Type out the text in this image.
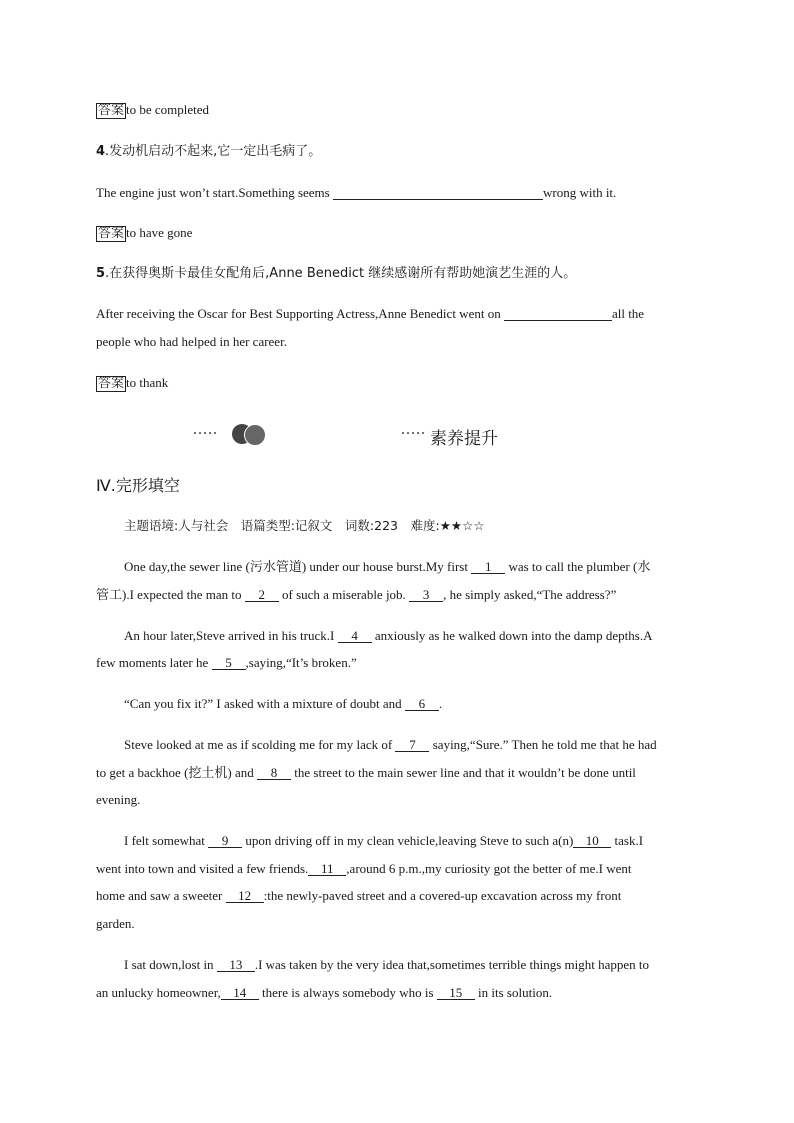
答案 to be completed
4.发动机启动不起来,它一定出毛病了。
The engine just won’t start.Something seems	wrong with it.
答案 to have gone
5.在获得奥斯卡最佳女配角后,Anne Benedict 继续感谢所有帮助她演艺生涯的人。
After receiving the Oscar for Best Supporting Actress,Anne Benedict went on	all the
people who had helped in her career.
答案 to thank
素养提升
Ⅳ.完形填空
主题语境:人与社会　语篇类型:记叙文　词数:223　难度:★★☆☆
One day,the sewer line (污水管道) under our house burst.My first 1 was to call the plumber (水
管工).I expected the man to 2 of such a miserable job. 3 , he simply asked,“The address?”
An hour later,Steve arrived in his truck.I 4 anxiously as he walked down into the damp depths.A
few moments later he 5 ,saying,“It’s broken.”
“Can you fix it?” I asked with a mixture of doubt and 6 .
Steve looked at me as if scolding me for my lack of 7 saying,“Sure.” Then he told me that he had
to get a backhoe (挖土机) and 8 the street to the main sewer line and that it wouldn’t be done until
evening.
I felt somewhat 9 upon driving off in my clean vehicle,leaving Steve to such a(n) 10 task.I
went into town and visited a few friends. 11 ,around 6 p.m.,my curiosity got the better of me.I went
home and saw a sweeter 12 :the newly-paved street and a covered-up excavation across my front
garden.
I sat down,lost in 13 .I was taken by the very idea that,sometimes terrible things might happen to
an unlucky homeowner, 14 there is always somebody who is 15 in its solution.
